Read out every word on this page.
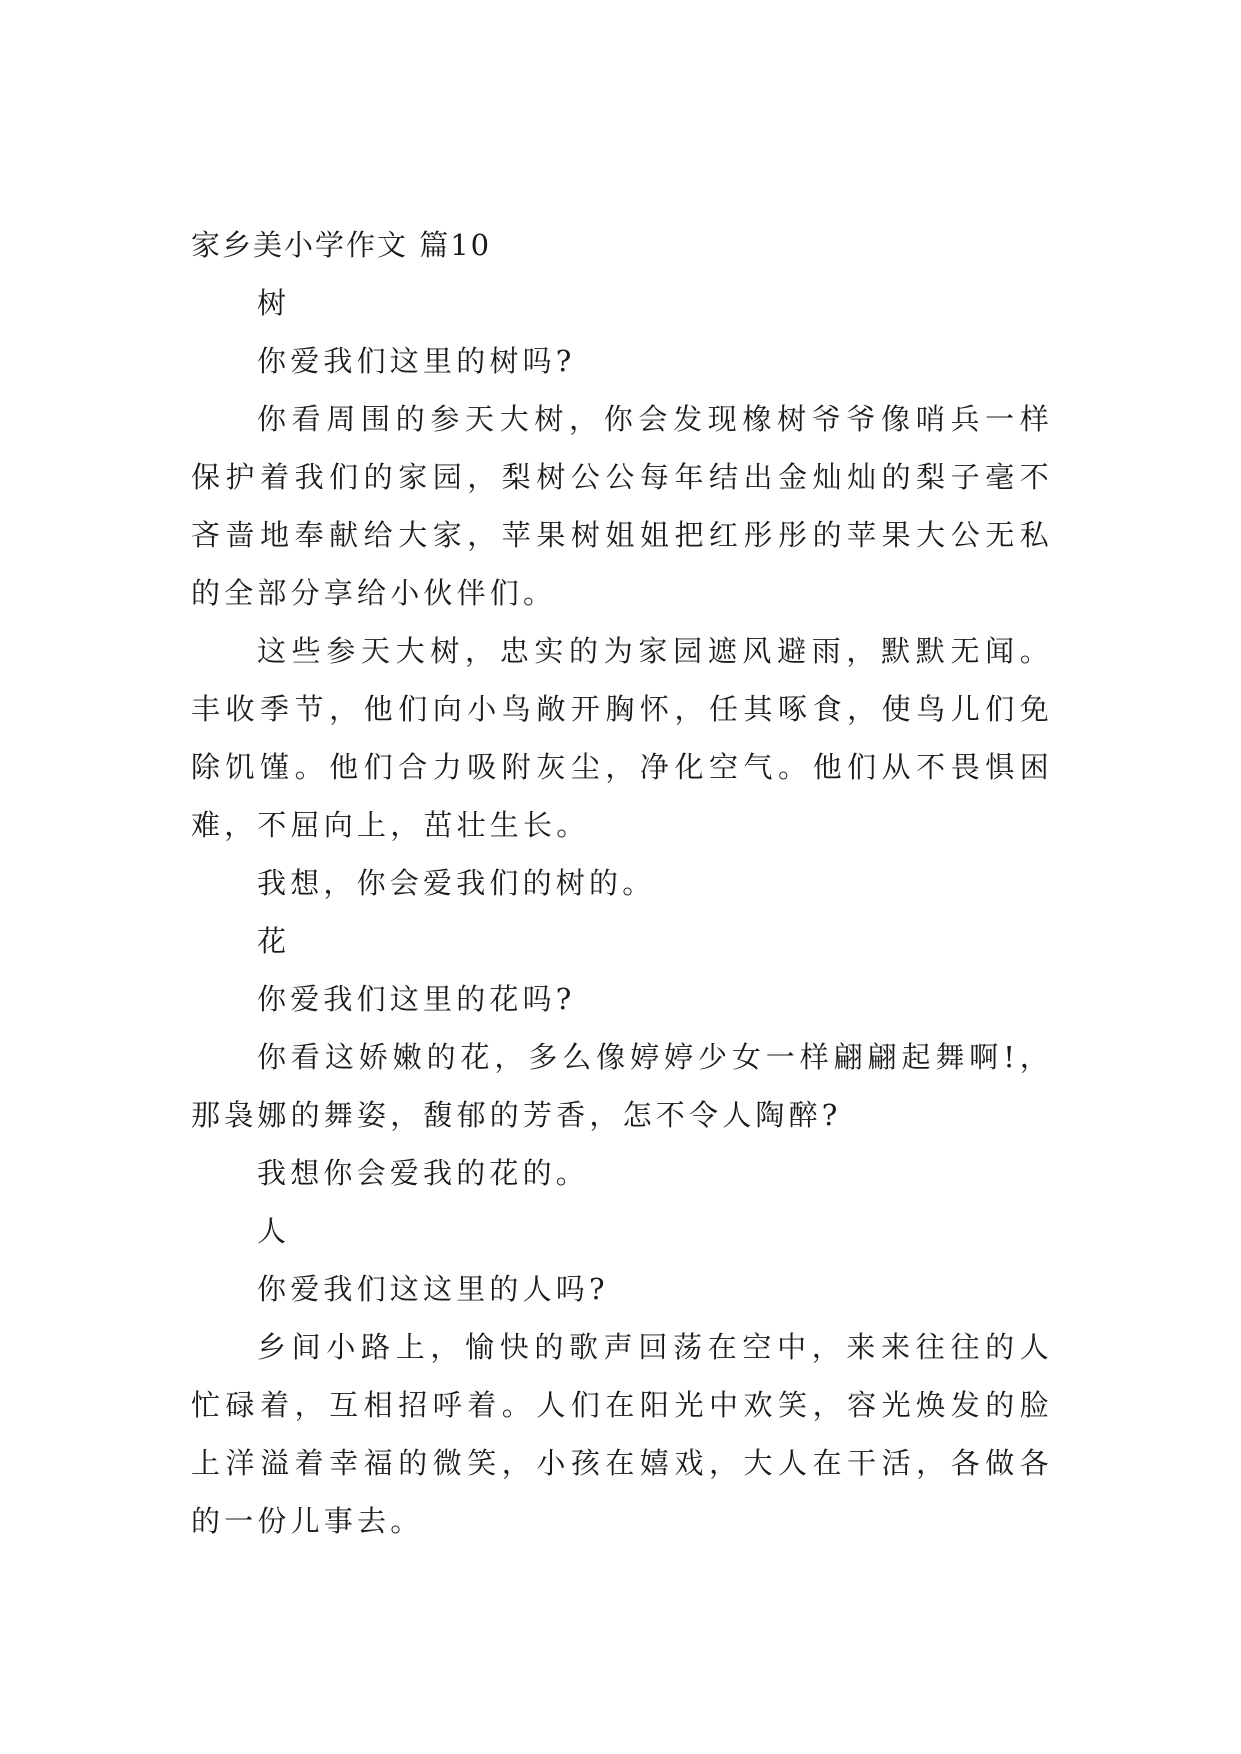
家乡美小学作文 篇10

树

你爱我们这里的树吗?

你看周围的参天大树，你会发现橡树爷爷像哨兵一样保护着我们的家园，梨树公公每年结出金灿灿的梨子毫不吝啬地奉献给大家，苹果树姐姐把红彤彤的苹果大公无私的全部分享给小伙伴们。

这些参天大树，忠实的为家园遮风避雨，默默无闻。丰收季节，他们向小鸟敞开胸怀，任其啄食，使鸟儿们免除饥馑。他们合力吸附灰尘，净化空气。他们从不畏惧困难，不屈向上，茁壮生长。

我想，你会爱我们的树的。

花

你爱我们这里的花吗?

你看这娇嫩的花，多么像婷婷少女一样翩翩起舞啊!，那袅娜的舞姿，馥郁的芳香，怎不令人陶醉?

我想你会爱我的花的。

人

你爱我们这这里的人吗?

乡间小路上，愉快的歌声回荡在空中，来来往往的人忙碌着，互相招呼着。人们在阳光中欢笑，容光焕发的脸上洋溢着幸福的微笑，小孩在嬉戏，大人在干活，各做各的一份儿事去。
